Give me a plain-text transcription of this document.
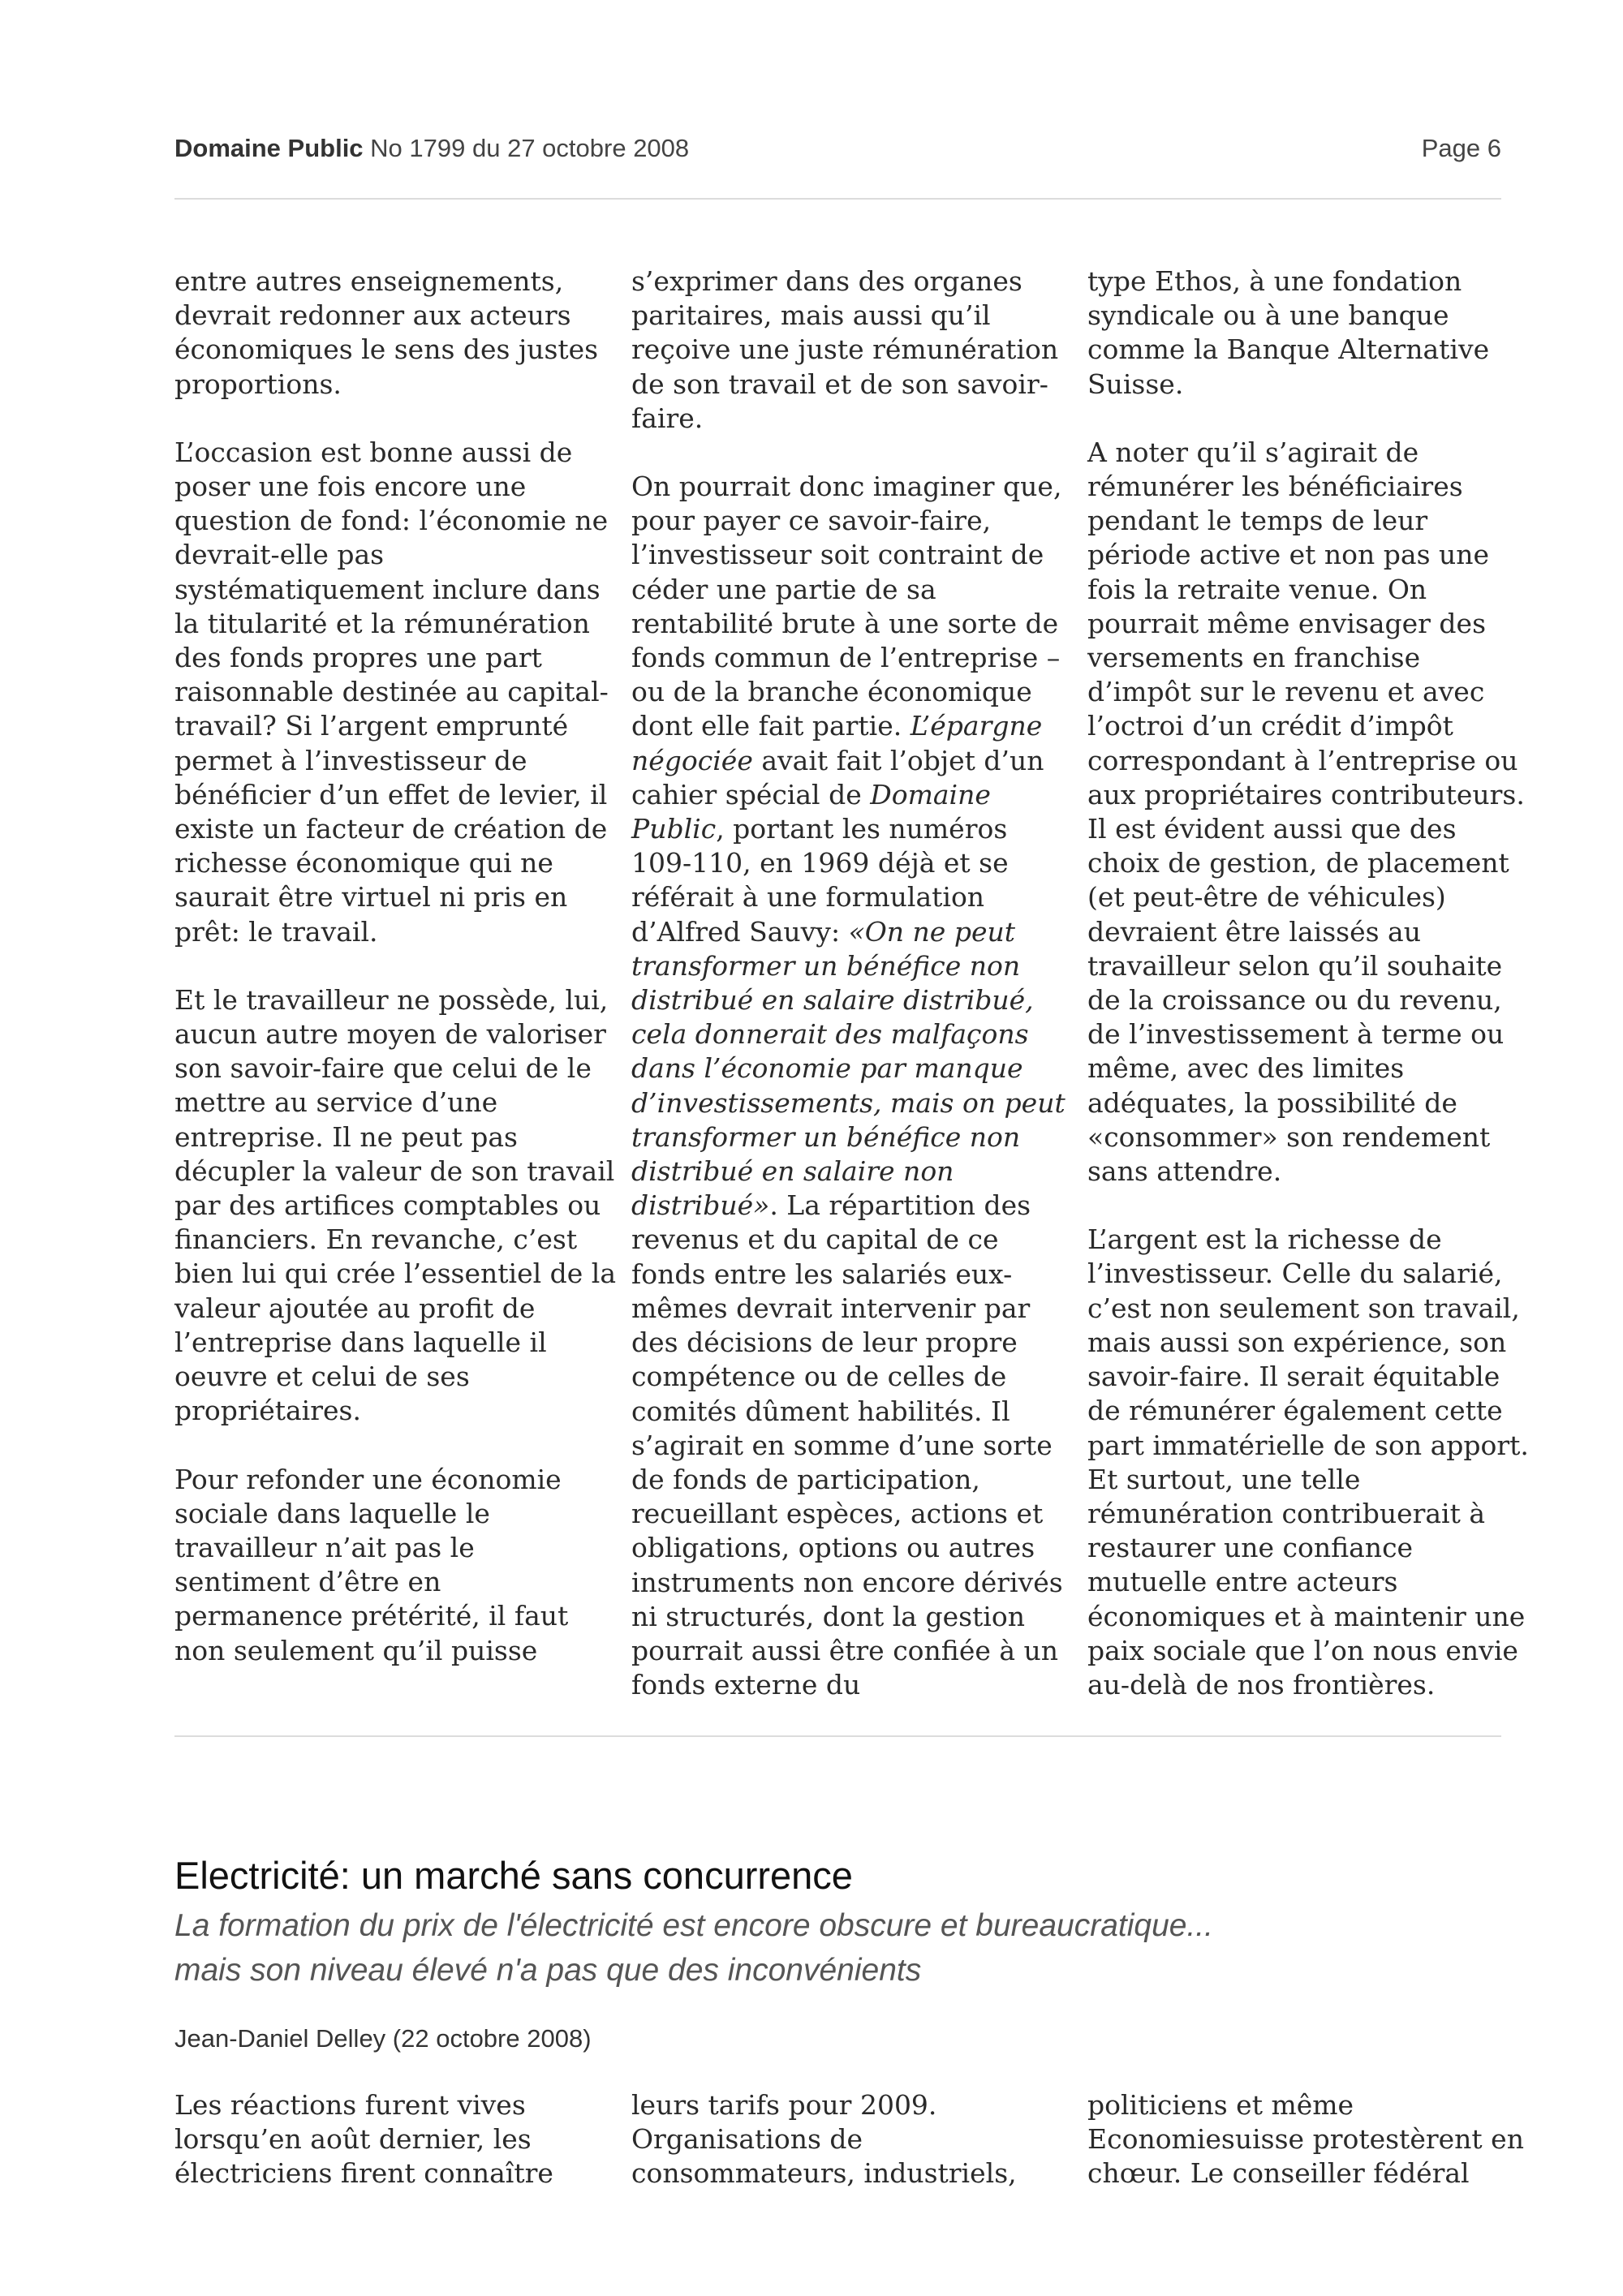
Domaine Public No 1799 du 27 octobre 2008	Page 6

entre autres enseignements, devrait redonner aux acteurs économiques le sens des justes proportions.

L’occasion est bonne aussi de poser une fois encore une question de fond: l’économie ne devrait-elle pas systématiquement inclure dans la titularité et la rémunération des fonds propres une part raisonnable destinée au capital-travail? Si l’argent emprunté permet à l’investisseur de bénéficier d’un effet de levier, il existe un facteur de création de richesse économique qui ne saurait être virtuel ni pris en prêt: le travail.

Et le travailleur ne possède, lui, aucun autre moyen de valoriser son savoir-faire que celui de le mettre au service d’une entreprise. Il ne peut pas décupler la valeur de son travail par des artifices comptables ou financiers. En revanche, c’est bien lui qui crée l’essentiel de la valeur ajoutée au profit de l’entreprise dans laquelle il oeuvre et celui de ses propriétaires.

Pour refonder une économie sociale dans laquelle le travailleur n’ait pas le sentiment d’être en permanence prétérité, il faut non seulement qu’il puisse

s’exprimer dans des organes paritaires, mais aussi qu’il reçoive une juste rémunération de son travail et de son savoir-faire.

On pourrait donc imaginer que, pour payer ce savoir-faire, l’investisseur soit contraint de céder une partie de sa rentabilité brute à une sorte de fonds commun de l’entreprise – ou de la branche économique dont elle fait partie. L’épargne négociée avait fait l’objet d’un cahier spécial de Domaine Public, portant les numéros 109-110, en 1969 déjà et se référait à une formulation d’Alfred Sauvy: «On ne peut transformer un bénéfice non distribué en salaire distribué, cela donnerait des malfaçons dans l’économie par manque d’investissements, mais on peut transformer un bénéfice non distribué en salaire non distribué». La répartition des revenus et du capital de ce fonds entre les salariés eux-mêmes devrait intervenir par des décisions de leur propre compétence ou de celles de comités dûment habilités. Il s’agirait en somme d’une sorte de fonds de participation, recueillant espèces, actions et obligations, options ou autres instruments non encore dérivés ni structurés, dont la gestion pourrait aussi être confiée à un fonds externe du

type Ethos, à une fondation syndicale ou à une banque comme la Banque Alternative Suisse.

A noter qu’il s’agirait de rémunérer les bénéficiaires pendant le temps de leur période active et non pas une fois la retraite venue. On pourrait même envisager des versements en franchise d’impôt sur le revenu et avec l’octroi d’un crédit d’impôt correspondant à l’entreprise ou aux propriétaires contributeurs. Il est évident aussi que des choix de gestion, de placement (et peut-être de véhicules) devraient être laissés au travailleur selon qu’il souhaite de la croissance ou du revenu, de l’investissement à terme ou même, avec des limites adéquates, la possibilité de «consommer» son rendement sans attendre.

L’argent est la richesse de l’investisseur. Celle du salarié, c’est non seulement son travail, mais aussi son expérience, son savoir-faire. Il serait équitable de rémunérer également cette part immatérielle de son apport. Et surtout, une telle rémunération contribuerait à restaurer une confiance mutuelle entre acteurs économiques et à maintenir une paix sociale que l’on nous envie au-delà de nos frontières.

Electricité: un marché sans concurrence
La formation du prix de l'électricité est encore obscure et bureaucratique...
mais son niveau élevé n'a pas que des inconvénients
Jean-Daniel Delley (22 octobre 2008)

Les réactions furent vives lorsqu’en août dernier, les électriciens firent connaître

leurs tarifs pour 2009. Organisations de consommateurs, industriels,

politiciens et même Economiesuisse protestèrent en chœur. Le conseiller fédéral
